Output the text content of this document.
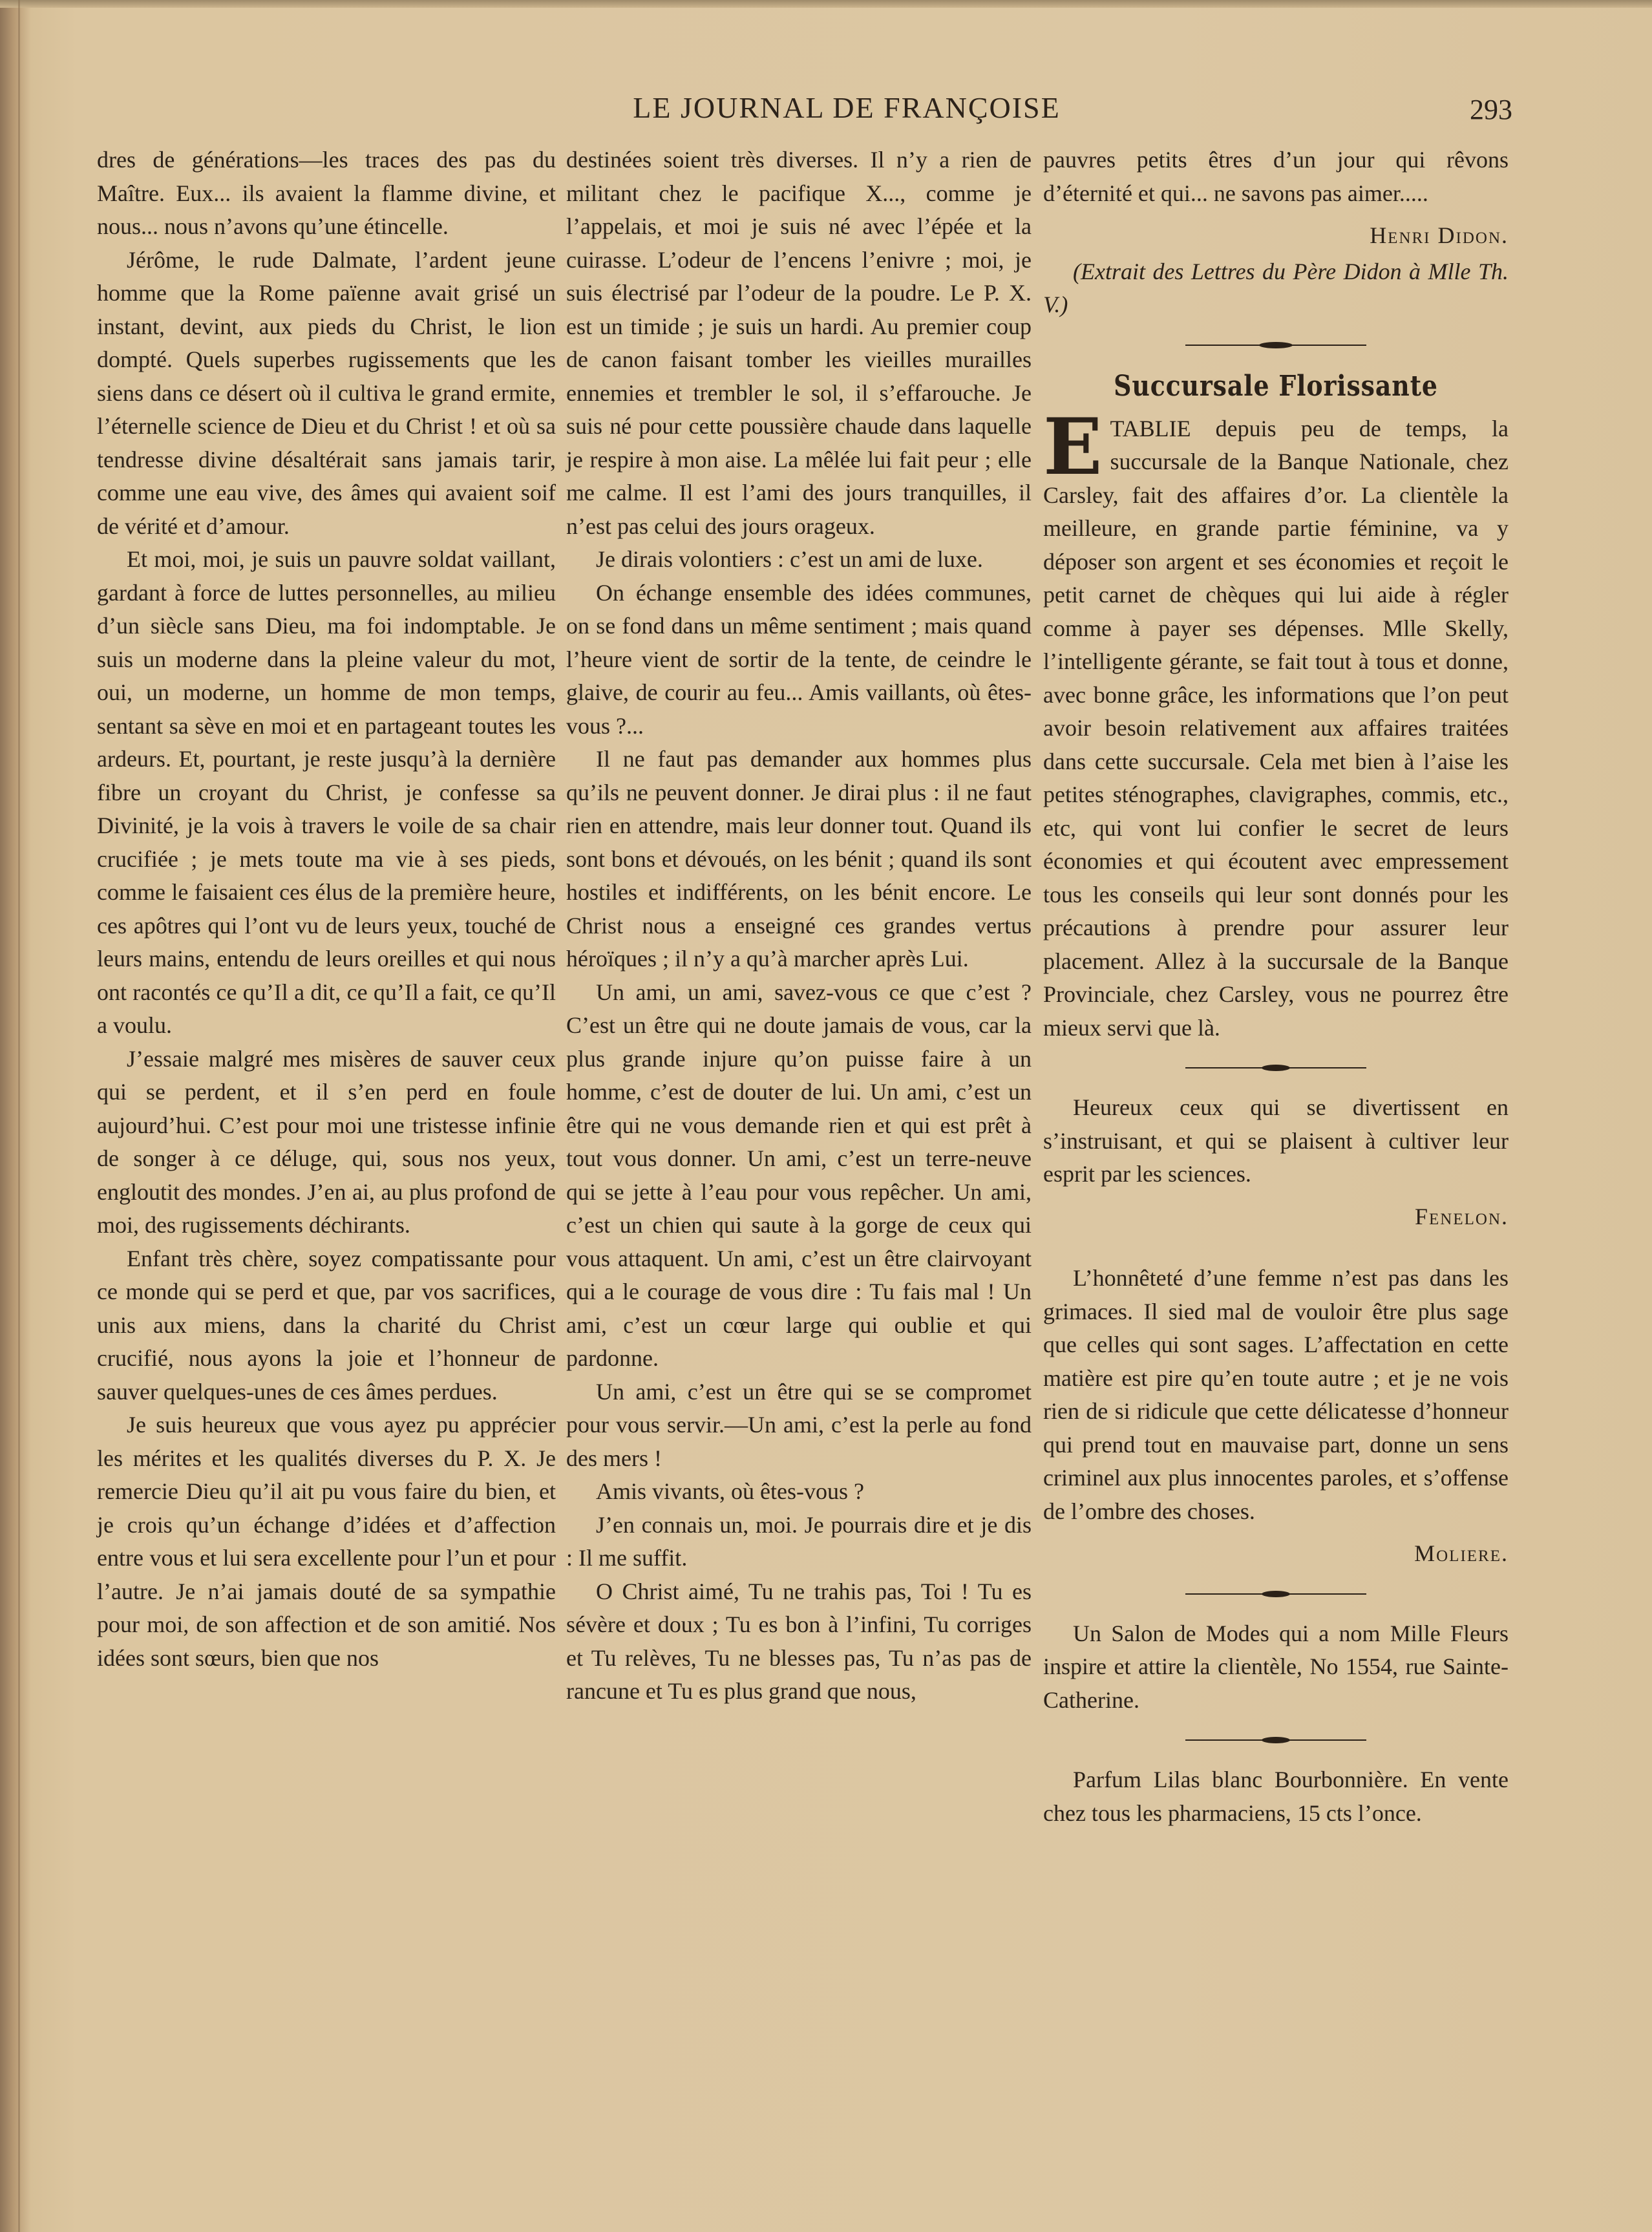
LE JOURNAL DE FRANÇOISE	293

dres de générations—les traces des pas du Maître. Eux... ils avaient la flamme divine, et nous... nous n’avons qu’une étincelle.

Jérôme, le rude Dalmate, l’ardent jeune homme que la Rome païenne avait grisé un instant, devint, aux pieds du Christ, le lion dompté. Quels superbes rugissements que les siens dans ce désert où il cultiva le grand ermite, l’éternelle science de Dieu et du Christ ! et où sa tendresse divine désaltérait sans jamais tarir, comme une eau vive, des âmes qui avaient soif de vérité et d’amour.

Et moi, moi, je suis un pauvre soldat vaillant, gardant à force de luttes personnelles, au milieu d’un siècle sans Dieu, ma foi indomptable. Je suis un moderne dans la pleine valeur du mot, oui, un moderne, un homme de mon temps, sentant sa sève en moi et en partageant toutes les ardeurs. Et, pourtant, je reste jusqu’à la dernière fibre un croyant du Christ, je confesse sa Divinité, je la vois à travers le voile de sa chair crucifiée ; je mets toute ma vie à ses pieds, comme le faisaient ces élus de la première heure, ces apôtres qui l’ont vu de leurs yeux, touché de leurs mains, entendu de leurs oreilles et qui nous ont racontés ce qu’Il a dit, ce qu’Il a fait, ce qu’Il a voulu.

J’essaie malgré mes misères de sauver ceux qui se perdent, et il s’en perd en foule aujourd’hui. C’est pour moi une tristesse infinie de songer à ce déluge, qui, sous nos yeux, engloutit des mondes. J’en ai, au plus profond de moi, des rugissements déchirants.

Enfant très chère, soyez compatissante pour ce monde qui se perd et que, par vos sacrifices, unis aux miens, dans la charité du Christ crucifié, nous ayons la joie et l’honneur de sauver quelques-unes de ces âmes perdues.

Je suis heureux que vous ayez pu apprécier les mérites et les qualités diverses du P. X. Je remercie Dieu qu’il ait pu vous faire du bien, et je crois qu’un échange d’idées et d’affection entre vous et lui sera excellente pour l’un et pour l’autre. Je n’ai jamais douté de sa sympathie pour moi, de son affection et de son amitié. Nos idées sont sœurs, bien que nos

destinées soient très diverses. Il n’y a rien de militant chez le pacifique X..., comme je l’appelais, et moi je suis né avec l’épée et la cuirasse. L’odeur de l’encens l’enivre ; moi, je suis électrisé par l’odeur de la poudre. Le P. X. est un timide ; je suis un hardi. Au premier coup de canon faisant tomber les vieilles murailles ennemies et trembler le sol, il s’effarouche. Je suis né pour cette poussière chaude dans laquelle je respire à mon aise. La mêlée lui fait peur ; elle me calme. Il est l’ami des jours tranquilles, il n’est pas celui des jours orageux.

Je dirais volontiers : c’est un ami de luxe.

On échange ensemble des idées communes, on se fond dans un même sentiment ; mais quand l’heure vient de sortir de la tente, de ceindre le glaive, de courir au feu... Amis vaillants, où êtes-vous ?...

Il ne faut pas demander aux hommes plus qu’ils ne peuvent donner. Je dirai plus : il ne faut rien en attendre, mais leur donner tout. Quand ils sont bons et dévoués, on les bénit ; quand ils sont hostiles et indifférents, on les bénit encore. Le Christ nous a enseigné ces grandes vertus héroïques ; il n’y a qu’à marcher après Lui.

Un ami, un ami, savez-vous ce que c’est ? C’est un être qui ne doute jamais de vous, car la plus grande injure qu’on puisse faire à un homme, c’est de douter de lui. Un ami, c’est un être qui ne vous demande rien et qui est prêt à tout vous donner. Un ami, c’est un terre-neuve qui se jette à l’eau pour vous repêcher. Un ami, c’est un chien qui saute à la gorge de ceux qui vous attaquent. Un ami, c’est un être clairvoyant qui a le courage de vous dire : Tu fais mal ! Un ami, c’est un cœur large qui oublie et qui pardonne.

Un ami, c’est un être qui se se compromet pour vous servir.—Un ami, c’est la perle au fond des mers !

Amis vivants, où êtes-vous ?

J’en connais un, moi. Je pourrais dire et je dis : Il me suffit.

O Christ aimé, Tu ne trahis pas, Toi ! Tu es sévère et doux ; Tu es bon à l’infini, Tu corriges et Tu relèves, Tu ne blesses pas, Tu n’as pas de rancune et Tu es plus grand que nous,

pauvres petits êtres d’un jour qui rêvons d’éternité et qui... ne savons pas aimer.....

Henri Didon.

(Extrait des Lettres du Père Didon à Mlle Th. V.)

Succursale Florissante

ETABLIE depuis peu de temps, la succursale de la Banque Nationale, chez Carsley, fait des affaires d’or. La clientèle la meilleure, en grande partie féminine, va y déposer son argent et ses économies et reçoit le petit carnet de chèques qui lui aide à régler comme à payer ses dépenses. Mlle Skelly, l’intelligente gérante, se fait tout à tous et donne, avec bonne grâce, les informations que l’on peut avoir besoin relativement aux affaires traitées dans cette succursale. Cela met bien à l’aise les petites sténographes, clavigraphes, commis, etc., etc, qui vont lui confier le secret de leurs économies et qui écoutent avec empressement tous les conseils qui leur sont donnés pour les précautions à prendre pour assurer leur placement. Allez à la succursale de la Banque Provinciale, chez Carsley, vous ne pourrez être mieux servi que là.

Heureux ceux qui se divertissent en s’instruisant, et qui se plaisent à cultiver leur esprit par les sciences.

Fenelon.

L’honnêteté d’une femme n’est pas dans les grimaces. Il sied mal de vouloir être plus sage que celles qui sont sages. L’affectation en cette matière est pire qu’en toute autre ; et je ne vois rien de si ridicule que cette délicatesse d’honneur qui prend tout en mauvaise part, donne un sens criminel aux plus innocentes paroles, et s’offense de l’ombre des choses.

Moliere.

Un Salon de Modes qui a nom Mille Fleurs inspire et attire la clientèle, No 1554, rue Sainte-Catherine.

Parfum Lilas blanc Bourbonnière. En vente chez tous les pharmaciens, 15 cts l’once.
